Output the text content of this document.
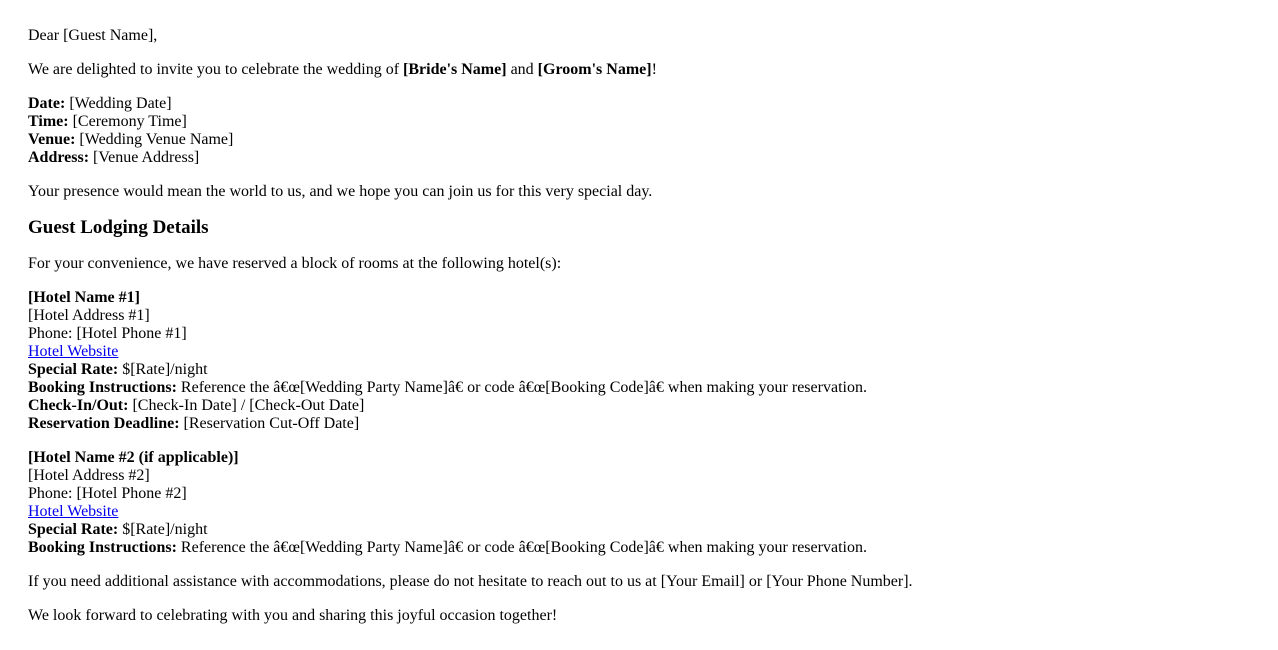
Dear [Guest Name],

We are delighted to invite you to celebrate the wedding of [Bride's Name] and [Groom's Name]!

Date: [Wedding Date]
Time: [Ceremony Time]
Venue: [Wedding Venue Name]
Address: [Venue Address]

Your presence would mean the world to us, and we hope you can join us for this very special day.

Guest Lodging Details

For your convenience, we have reserved a block of rooms at the following hotel(s):

[Hotel Name #1]
[Hotel Address #1]
Phone: [Hotel Phone #1]
Hotel Website
Special Rate: $[Rate]/night
Booking Instructions: Reference the â€œ[Wedding Party Name]â€ or code â€œ[Booking Code]â€ when making your reservation.
Check-In/Out: [Check-In Date] / [Check-Out Date]
Reservation Deadline: [Reservation Cut-Off Date]

[Hotel Name #2 (if applicable)]
[Hotel Address #2]
Phone: [Hotel Phone #2]
Hotel Website
Special Rate: $[Rate]/night
Booking Instructions: Reference the â€œ[Wedding Party Name]â€ or code â€œ[Booking Code]â€ when making your reservation.

If you need additional assistance with accommodations, please do not hesitate to reach out to us at [Your Email] or [Your Phone Number].

We look forward to celebrating with you and sharing this joyful occasion together!
